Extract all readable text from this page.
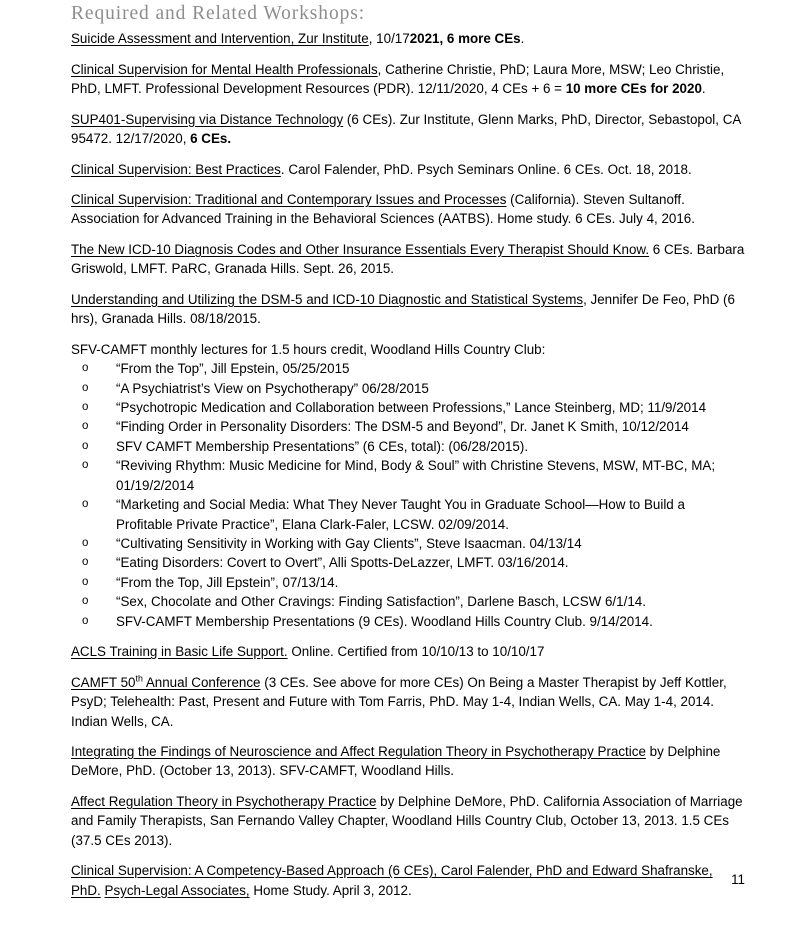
Required and Related Workshops:

Suicide Assessment and Intervention, Zur Institute, 10/172021, 6 more CEs.

Clinical Supervision for Mental Health Professionals, Catherine Christie, PhD; Laura More, MSW; Leo Christie, PhD, LMFT. Professional Development Resources (PDR). 12/11/2020, 4 CEs + 6 = 10 more CEs for 2020.

SUP401-Supervising via Distance Technology (6 CEs). Zur Institute, Glenn Marks, PhD, Director, Sebastopol, CA 95472. 12/17/2020, 6 CEs.

Clinical Supervision: Best Practices. Carol Falender, PhD. Psych Seminars Online. 6 CEs. Oct. 18, 2018.

Clinical Supervision: Traditional and Contemporary Issues and Processes (California). Steven Sultanoff. Association for Advanced Training in the Behavioral Sciences (AATBS). Home study. 6 CEs. July 4, 2016.

The New ICD-10 Diagnosis Codes and Other Insurance Essentials Every Therapist Should Know. 6 CEs. Barbara Griswold, LMFT. PaRC, Granada Hills. Sept. 26, 2015.

Understanding and Utilizing the DSM-5 and ICD-10 Diagnostic and Statistical Systems, Jennifer De Feo, PhD (6 hrs), Granada Hills. 08/18/2015.

SFV-CAMFT monthly lectures for 1.5 hours credit, Woodland Hills Country Club:

o “From the Top”, Jill Epstein, 05/25/2015
o “A Psychiatrist’s View on Psychotherapy” 06/28/2015
o “Psychotropic Medication and Collaboration between Professions,” Lance Steinberg, MD; 11/9/2014
o “Finding Order in Personality Disorders: The DSM-5 and Beyond”, Dr. Janet K Smith, 10/12/2014
o SFV CAMFT Membership Presentations” (6 CEs, total): (06/28/2015).
o “Reviving Rhythm: Music Medicine for Mind, Body & Soul” with Christine Stevens, MSW, MT-BC, MA; 01/19/2/2014
o “Marketing and Social Media: What They Never Taught You in Graduate School—How to Build a Profitable Private Practice”, Elana Clark-Faler, LCSW. 02/09/2014.
o “Cultivating Sensitivity in Working with Gay Clients”, Steve Isaacman. 04/13/14
o “Eating Disorders: Covert to Overt”, Alli Spotts-DeLazzer, LMFT. 03/16/2014.
o “From the Top, Jill Epstein”, 07/13/14.
o “Sex, Chocolate and Other Cravings: Finding Satisfaction”, Darlene Basch, LCSW 6/1/14.
o SFV-CAMFT Membership Presentations (9 CEs). Woodland Hills Country Club. 9/14/2014.

ACLS Training in Basic Life Support. Online. Certified from 10/10/13 to 10/10/17

CAMFT 50th Annual Conference (3 CEs. See above for more CEs) On Being a Master Therapist by Jeff Kottler, PsyD; Telehealth: Past, Present and Future with Tom Farris, PhD. May 1-4, Indian Wells, CA. May 1-4, 2014. Indian Wells, CA.

Integrating the Findings of Neuroscience and Affect Regulation Theory in Psychotherapy Practice by Delphine DeMore, PhD. (October 13, 2013). SFV-CAMFT, Woodland Hills.

Affect Regulation Theory in Psychotherapy Practice by Delphine DeMore, PhD. California Association of Marriage and Family Therapists, San Fernando Valley Chapter, Woodland Hills Country Club, October 13, 2013. 1.5 CEs (37.5 CEs 2013).

Clinical Supervision: A Competency-Based Approach (6 CEs), Carol Falender, PhD and Edward Shafranske, PhD. Psych-Legal Associates, Home Study. April 3, 2012.

11
